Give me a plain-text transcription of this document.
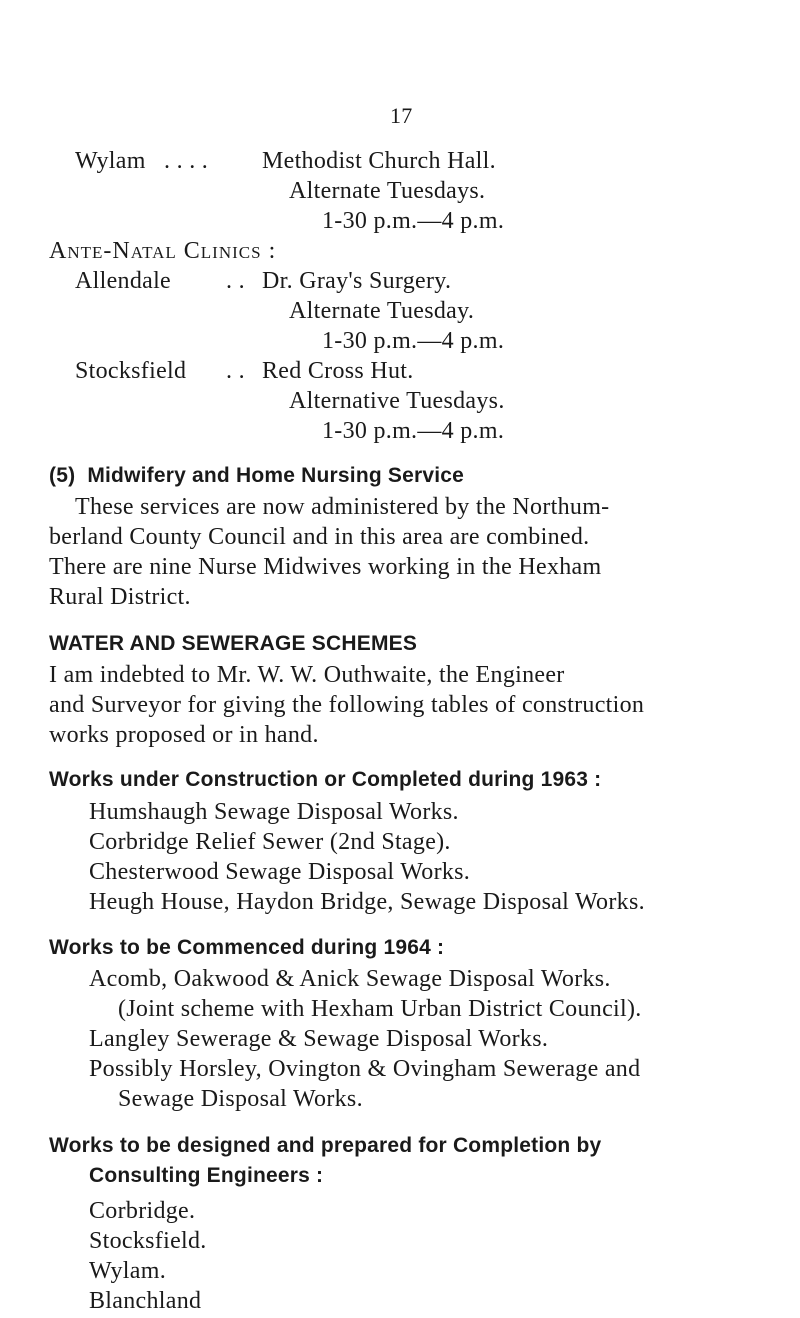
17
Wylam . . . . Methodist Church Hall.
Alternate Tuesdays.
1-30 p.m.—4 p.m.
Ante-Natal Clinics :
Allendale . . Dr. Gray's Surgery.
Alternate Tuesday.
1-30 p.m.—4 p.m.
Stocksfield . . Red Cross Hut.
Alternative Tuesdays.
1-30 p.m.—4 p.m.
(5)  Midwifery and Home Nursing Service
These services are now administered by the Northum-
berland County Council and in this area are combined.
There are nine Nurse Midwives working in the Hexham
Rural District.
WATER AND SEWERAGE SCHEMES
I am indebted to Mr. W. W. Outhwaite, the Engineer
and Surveyor for giving the following tables of construction
works proposed or in hand.
Works under Construction or Completed during 1963 :
Humshaugh Sewage Disposal Works.
Corbridge Relief Sewer (2nd Stage).
Chesterwood Sewage Disposal Works.
Heugh House, Haydon Bridge, Sewage Disposal Works.
Works to be Commenced during 1964 :
Acomb, Oakwood & Anick Sewage Disposal Works.
(Joint scheme with Hexham Urban District Council).
Langley Sewerage & Sewage Disposal Works.
Possibly Horsley, Ovington & Ovingham Sewerage and
Sewage Disposal Works.
Works to be designed and prepared for Completion by
Consulting Engineers :
Corbridge.
Stocksfield.
Wylam.
Blanchland
